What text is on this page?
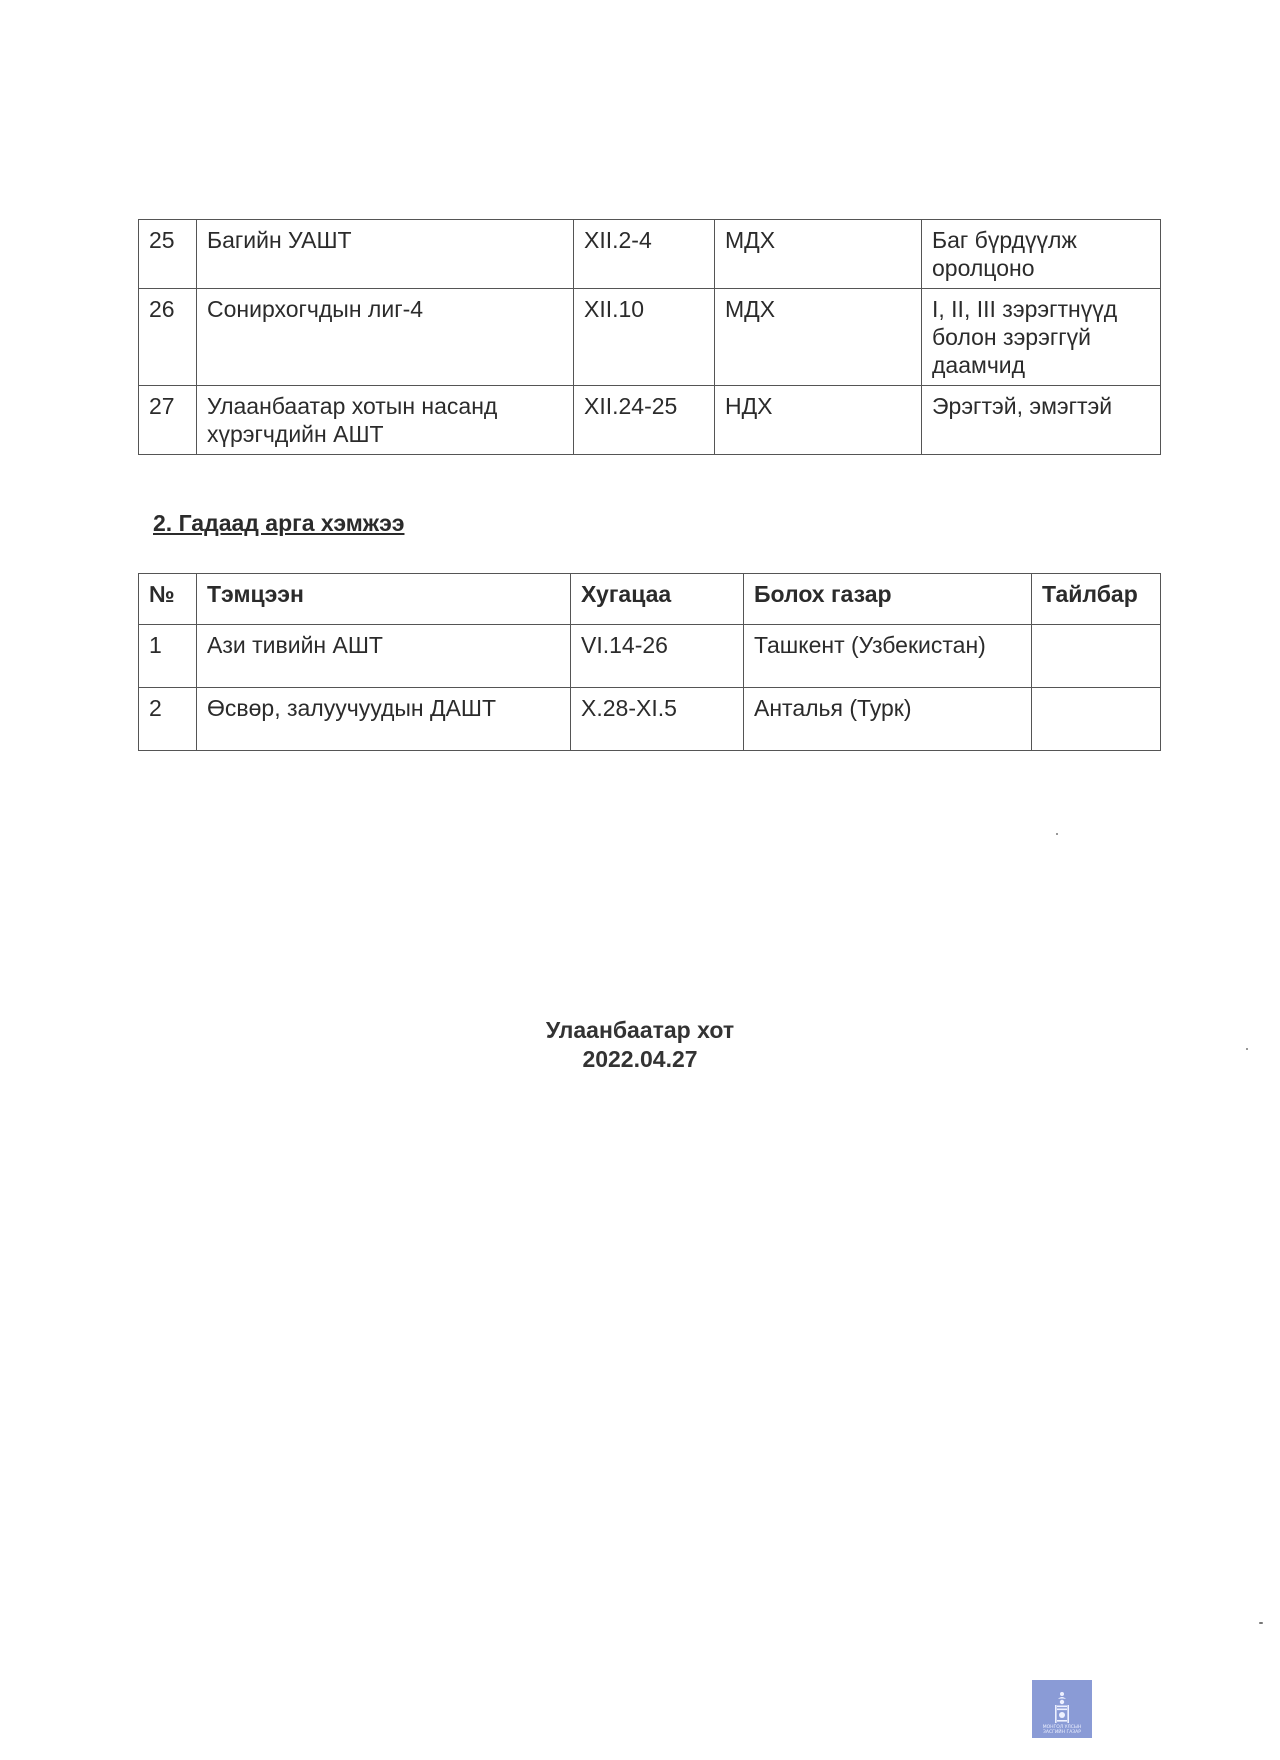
25	Багийн УАШТ	XII.2-4	МДХ	Баг бүрдүүлж оролцоно
26	Сонирхогчдын лиг-4	XII.10	МДХ	I, II, III зэрэгтнүүд болон зэрэггүй даамчид
27	Улаанбаатар хотын насанд хүрэгчдийн АШТ	XII.24-25	НДХ	Эрэгтэй, эмэгтэй
2. Гадаад арга хэмжээ
№	Тэмцээн	Хугацаа	Болох газар	Тайлбар
1	Ази тивийн АШТ	VI.14-26	Ташкент (Узбекистан)	
2	Өсвөр, залуучуудын ДАШТ	X.28-XI.5	Анталья (Турк)	
Улаанбаатар хот
2022.04.27
МОНГОЛ УЛСЫН
ЗАСГИЙН ГАЗАР
